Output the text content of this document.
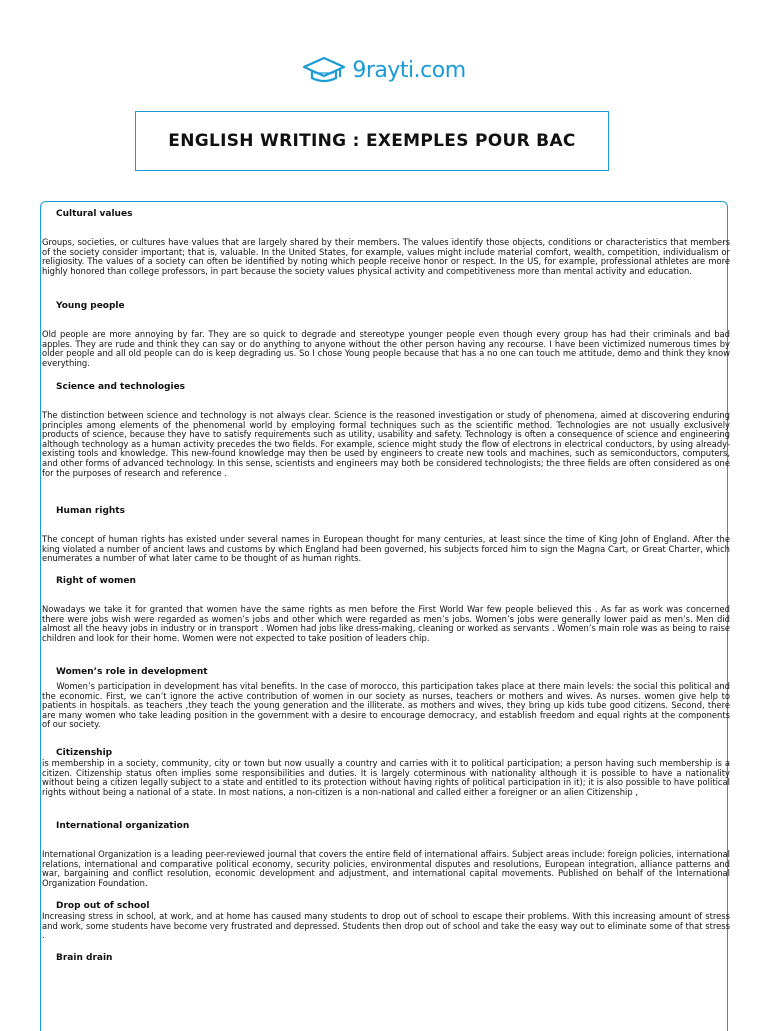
9rayti.com
ENGLISH WRITING : EXEMPLES POUR BAC
Cultural values

Groups, societies, or cultures have values that are largely shared by their members. The values identify those objects, conditions or characteristics that members of the society consider important; that is, valuable. In the United States, for example, values might include material comfort, wealth, competition, individualism or religiosity. The values of a society can often be identified by noting which people receive honor or respect. In the US, for example, professional athletes are more highly honored than college professors, in part because the society values physical activity and competitiveness more than mental activity and education.

Young people

Old people are more annoying by far. They are so quick to degrade and stereotype younger people even though every group has had their criminals and bad apples. They are rude and think they can say or do anything to anyone without the other person having any recourse. I have been victimized numerous times by older people and all old people can do is keep degrading us. So I chose Young people because that has a no one can touch me attitude, demo and think they know everything.

Science and technologies

The distinction between science and technology is not always clear. Science is the reasoned investigation or study of phenomena, aimed at discovering enduring principles among elements of the phenomenal world by employing formal techniques such as the scientific method. Technologies are not usually exclusively products of science, because they have to satisfy requirements such as utility, usability and safety. Technology is often a consequence of science and engineering although technology as a human activity precedes the two fields. For example, science might study the flow of electrons in electrical conductors, by using already-existing tools and knowledge. This new-found knowledge may then be used by engineers to create new tools and machines, such as semiconductors, computers, and other forms of advanced technology. In this sense, scientists and engineers may both be considered technologists; the three fields are often considered as one for the purposes of research and reference .

Human rights

The concept of human rights has existed under several names in European thought for many centuries, at least since the time of King John of England. After the king violated a number of ancient laws and customs by which England had been governed, his subjects forced him to sign the Magna Cart, or Great Charter, which enumerates a number of what later came to be thought of as human rights.

Right of women

Nowadays we take it for granted that women have the same rights as men before the First World War few people believed this . As far as work was concerned there were jobs wish were regarded as women’s jobs and other which were regarded as men’s jobs. Women’s jobs were generally lower paid as men’s. Men did almost all the heavy jobs in industry or in transport . Women had jobs like dress-making, cleaning or worked as servants . Women’s main role was as being to raise children and look for their home. Women were not expected to take position of leaders chip.

Women’s role in development

Women’s participation in development has vital benefits. In the case of morocco, this participation takes place at there main levels: the social this political and the economic. First, we can’t ignore the active contribution of women in our society as nurses, teachers or mothers and wives. As nurses. women give help to patients in hospitals. as teachers ,they teach the young generation and the illiterate. as mothers and wives, they bring up kids tube good citizens. Second, there are many women who take leading position in the government with a desire to encourage democracy, and establish freedom and equal rights at the components of our society.

Citizenship

is membership in a society, community, city or town but now usually a country and carries with it to political participation; a person having such membership is a citizen. Citizenship status often implies some responsibilities and duties. It is largely coterminous with nationality although it is possible to have a nationality without being a citizen legally subject to a state and entitled to its protection without having rights of political participation in it); it is also possible to have political rights without being a national of a state. In most nations, a non-citizen is a non-national and called either a foreigner or an alien Citizenship ,

International organization

International Organization is a leading peer-reviewed journal that covers the entire field of international affairs. Subject areas include: foreign policies, international relations, international and comparative political economy, security policies, environmental disputes and resolutions, European integration, alliance patterns and war, bargaining and conflict resolution, economic development and adjustment, and international capital movements. Published on behalf of the International Organization Foundation.

Drop out of school

Increasing stress in school, at work, and at home has caused many students to drop out of school to escape their problems. With this increasing amount of stress and work, some students have become very frustrated and depressed. Students then drop out of school and take the easy way out to eliminate some of that stress .

Brain drain
